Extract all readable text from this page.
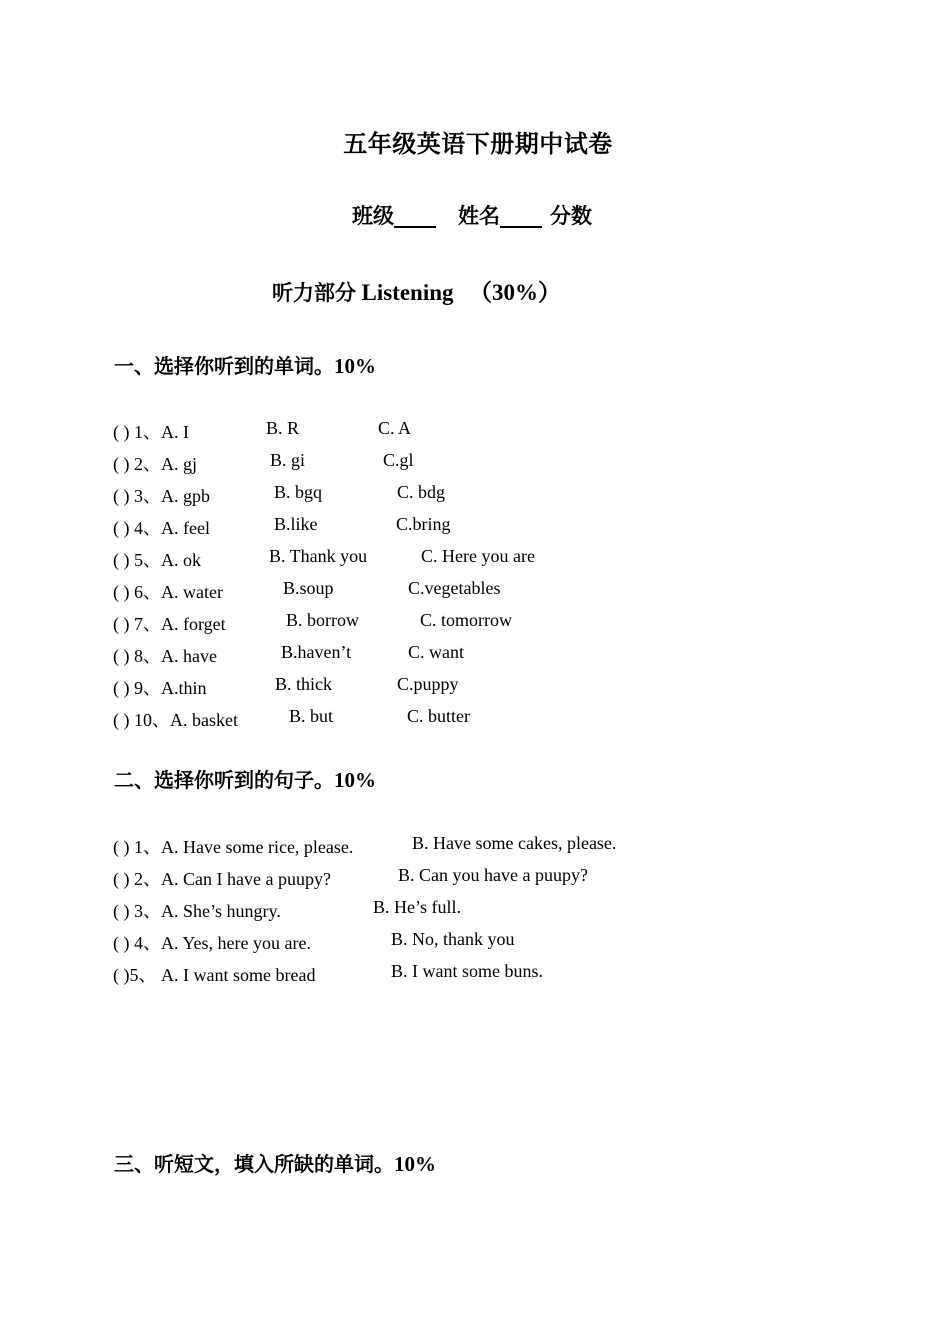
五年级英语下册期中试卷
班级____ 姓名____ 分数
听力部分 Listening （30%）
一、选择你听到的单词。10%
( ) 1、A. I	B. R	C. A
( ) 2、A. gj	B. gi	C.gl
( ) 3、A. gpb	B. bgq	C. bdg
( ) 4、A. feel	B.like	C.bring
( ) 5、A. ok	B. Thank you	C. Here you are
( ) 6、A. water	B.soup	C.vegetables
( ) 7、A. forget	B. borrow	C. tomorrow
( ) 8、A. have	B.haven’t	C. want
( ) 9、A.thin	B. thick	C.puppy
( ) 10、A. basket	B. but	C. butter
二、选择你听到的句子。10%
( ) 1、A. Have some rice, please.	B. Have some cakes, please.
( ) 2、A. Can I have a puupy?	B. Can you have a puupy?
( ) 3、A. She’s hungry.	B. He’s full.
( ) 4、A. Yes, here you are.	B. No, thank you
( )5、 A. I want some bread	B. I want some buns.
三、听短文，填入所缺的单词。10%
